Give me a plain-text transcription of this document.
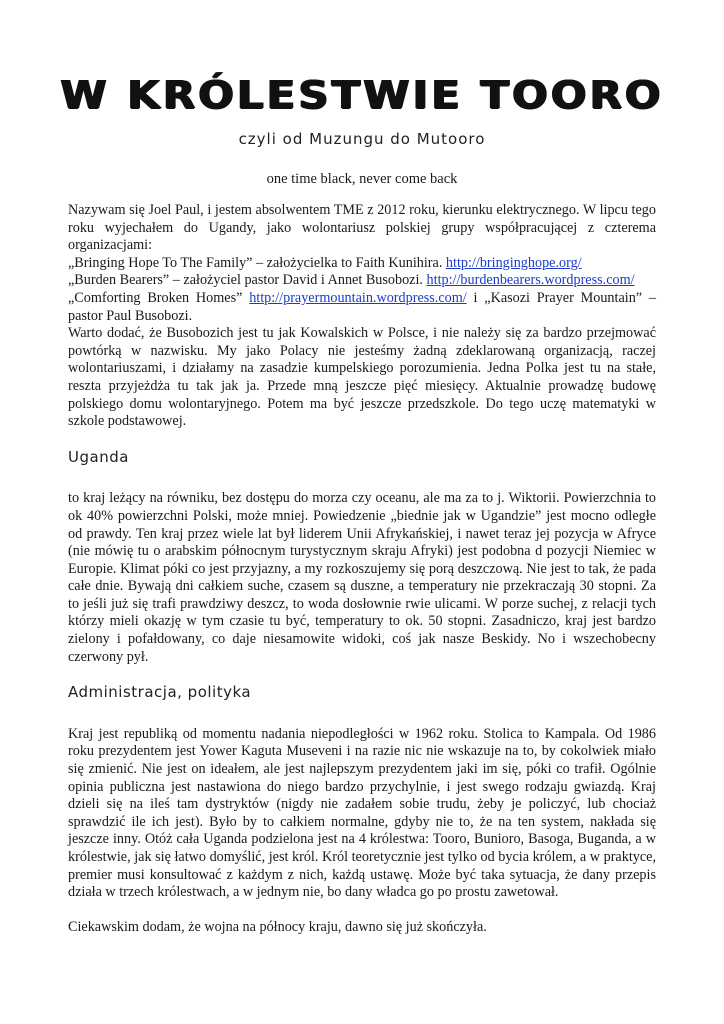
W KRÓLESTWIE TOORO
czyli od Muzungu do Mutooro
one time black, never come back

Nazywam się Joel Paul, i jestem absolwentem TME z 2012 roku, kierunku elektrycznego. W lipcu tego roku wyjechałem do Ugandy, jako wolontariusz polskiej grupy współpracującej z czterema organizacjami:

„Bringing Hope To The Family” – założycielka to Faith Kunihira. http://bringinghope.org/
„Burden Bearers” – założyciel pastor David i Annet Busobozi. http://burdenbearers.wordpress.com/
„Comforting Broken Homes” http://prayermountain.wordpress.com/ i „Kasozi Prayer Mountain” – pastor Paul Busobozi.

Warto dodać, że Busobozich jest tu jak Kowalskich w Polsce, i nie należy się za bardzo przejmować powtórką w nazwisku. My jako Polacy nie jesteśmy żadną zdeklarowaną organizacją, raczej wolontariuszami, i działamy na zasadzie kumpelskiego porozumienia. Jedna Polka jest tu na stałe, reszta przyjeżdża tu tak jak ja. Przede mną jeszcze pięć miesięcy. Aktualnie prowadzę budowę polskiego domu wolontaryjnego. Potem ma być jeszcze przedszkole. Do tego uczę matematyki w szkole podstawowej.

Uganda

to kraj leżący na równiku, bez dostępu do morza czy oceanu, ale ma za to j. Wiktorii. Powierzchnia to ok 40% powierzchni Polski, może mniej. Powiedzenie „biednie jak w Ugandzie” jest mocno odległe od prawdy. Ten kraj przez wiele lat był liderem Unii Afrykańskiej, i nawet teraz jej pozycja w Afryce (nie mówię tu o arabskim północnym turystycznym skraju Afryki) jest podobna d pozycji Niemiec w Europie. Klimat póki co jest przyjazny, a my rozkoszujemy się porą deszczową. Nie jest to tak, że pada całe dnie. Bywają dni całkiem suche, czasem są duszne, a temperatury nie przekraczają 30 stopni. Za to jeśli już się trafi prawdziwy deszcz, to woda dosłownie rwie ulicami. W porze suchej, z relacji tych którzy mieli okazję w tym czasie tu być, temperatury to ok. 50 stopni. Zasadniczo, kraj jest bardzo zielony i pofałdowany, co daje niesamowite widoki, coś jak nasze Beskidy. No i wszechobecny czerwony pył.

Administracja, polityka

Kraj jest republiką od momentu nadania niepodległości w 1962 roku. Stolica to Kampala. Od 1986 roku prezydentem jest Yower Kaguta Museveni i na razie nic nie wskazuje na to, by cokolwiek miało się zmienić. Nie jest on ideałem, ale jest najlepszym prezydentem jaki im się, póki co trafił. Ogólnie opinia publiczna jest nastawiona do niego bardzo przychylnie, i jest swego rodzaju gwiazdą. Kraj dzieli się na ileś tam dystryktów (nigdy nie zadałem sobie trudu, żeby je policzyć, lub chociaż sprawdzić ile ich jest). Było by to całkiem normalne, gdyby nie to, że na ten system, nakłada się jeszcze inny. Otóż cała Uganda podzielona jest na 4 królestwa: Tooro, Bunioro, Basoga, Buganda, a w królestwie, jak się łatwo domyślić, jest król. Król teoretycznie jest tylko od bycia królem, a w praktyce, premier musi konsultować z każdym z nich, każdą ustawę. Może być taka sytuacja, że dany przepis działa w trzech królestwach, a w jednym nie, bo dany władca go po prostu zawetował.

Ciekawskim dodam, że wojna na północy kraju, dawno się już skończyła.
